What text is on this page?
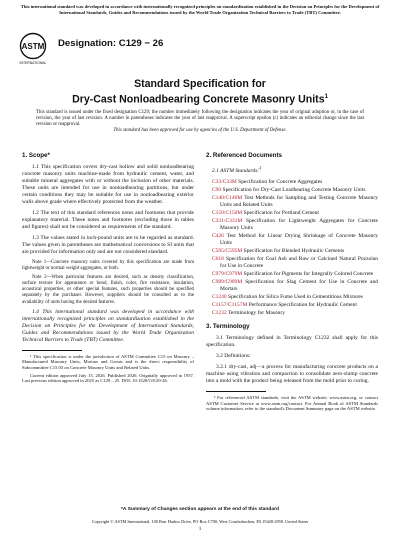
This international standard was developed in accordance with internationally recognized principles on standardization established in the Decision on Principles for the Development of International Standards, Guides and Recommendations issued by the World Trade Organization Technical Barriers to Trade (TBT) Committee.
ASTM
INTERNATIONAL
Designation: C129 − 26
Standard Specification for
Dry-Cast Nonloadbearing Concrete Masonry Units$^1$
This standard is issued under the fixed designation C129; the number immediately following the designation indicates the year of original adoption or, in the case of revision, the year of last revision. A number in parentheses indicates the year of last reapproval. A superscript epsilon (ε) indicates an editorial change since the last revision or reapproval.
This standard has been approved for use by agencies of the U.S. Department of Defense.
1. Scope*

1.1 This specification covers dry-cast hollow and solid nonloadbearing concrete masonry units machine-made from hydraulic cement, water, and suitable mineral aggregates with or without the inclusion of other materials. These units are intended for use in nonloadbearing partitions, but under certain conditions they may be suitable for use in nonloadbearing exterior walls above grade where effectively protected from the weather.

1.2 The text of this standard references notes and footnotes that provide explanatory material. These notes and footnotes (excluding those in tables and figures) shall not be considered as requirements of the standard.

1.3 The values stated in inch-pound units are to be regarded as standard. The values given in parentheses are mathematical conversions to SI units that are provided for information only and are not considered standard.

Note 1—Concrete masonry units covered by this specification are made from lightweight or normal weight aggregates, or both.

Note 2—When particular features are desired, such as density classification, surface texture for appearance or bond, finish, color, fire resistance, insulation, acoustical properties, or other special features, such properties should be specified separately by the purchaser. However, suppliers should be consulted as to the availability of units having the desired features.

1.4 This international standard was developed in accordance with internationally recognized principles on standardization established in the Decision on Principles for the Development of International Standards, Guides and Recommendations issued by the World Trade Organization Technical Barriers to Trade (TBT) Committee.

¹ This specification is under the jurisdiction of ASTM Committee C15 on Masonry – Manufactured Masonry Units, Mortars and Grouts and is the direct responsibility of Subcommittee C15.03 on Concrete Masonry Units and Related Units.

Current edition approved July 15, 2026. Published 2026. Originally approved in 1937. Last previous edition approved in 2025 as C129 – 25. DOI: 10.1520/C0129-26.

2. Referenced Documents

2.1 ASTM Standards:$^2$

C33/C33M Specification for Concrete Aggregates
C90 Specification for Dry-Cast Loadbearing Concrete Masonry Units
C140/C140M Test Methods for Sampling and Testing Concrete Masonry Units and Related Units
C150/C150M Specification for Portland Cement
C331/C331M Specification for Lightweight Aggregates for Concrete Masonry Units
C426 Test Method for Linear Drying Shrinkage of Concrete Masonry Units
C595/C595M Specification for Blended Hydraulic Cements
C618 Specification for Coal Ash and Raw or Calcined Natural Pozzolan for Use in Concrete
C979/C979M Specification for Pigments for Integrally Colored Concrete
C989/C989M Specification for Slag Cement for Use in Concrete and Mortars
C1240 Specification for Silica Fume Used in Cementitious Mixtures
C1157/C1157M Performance Specification for Hydraulic Cement
C1232 Terminology for Masonry
3. Terminology

3.1 Terminology defined in Terminology C1232 shall apply for this specification.

3.2 Definitions:

3.2.1 dry-cast, adj—a process for manufacturing concrete products on a machine using vibration and compaction to consolidate zero-slump concrete into a mold with the product being released from the mold prior to curing.

² For referenced ASTM standards, visit the ASTM website, www.astm.org, or contact ASTM Customer Service at www.astm.org/contact. For Annual Book of ASTM Standards volume information, refer to the standard's Document Summary page on the ASTM website.

*A Summary of Changes section appears at the end of this standard
Copyright © ASTM International, 100 Barr Harbor Drive, PO Box C700, West Conshohocken, PA 19428-2959. United States
1
